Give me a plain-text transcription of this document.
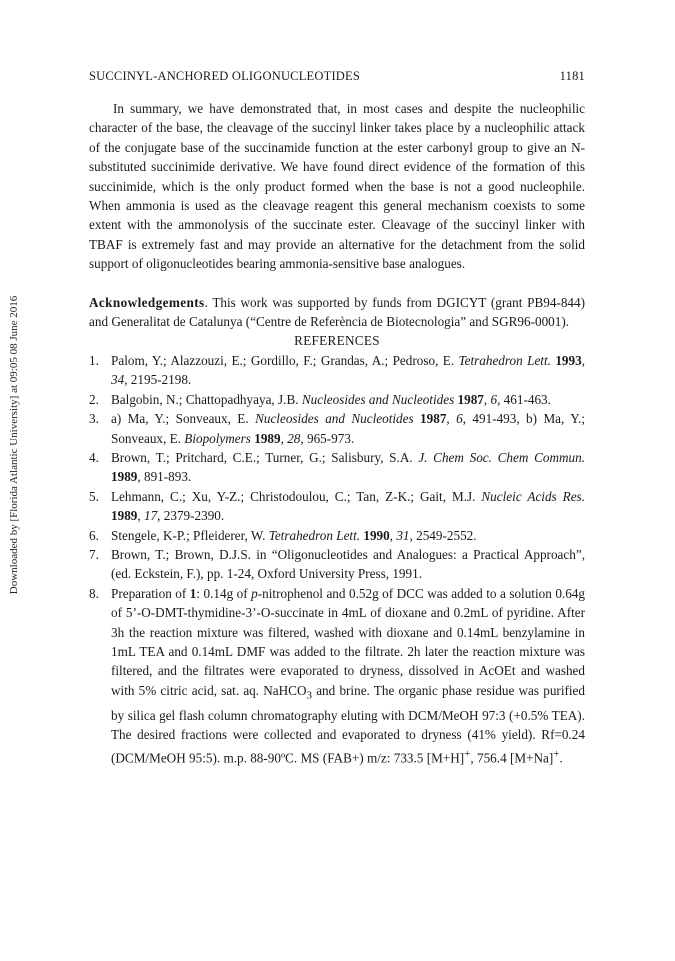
Downloaded by [Florida Atlantic University] at 09:05 08 June 2016
SUCCINYL-ANCHORED OLIGONUCLEOTIDES	1181

In summary, we have demonstrated that, in most cases and despite the nucleophilic character of the base, the cleavage of the succinyl linker takes place by a nucleophilic attack of the conjugate base of the succinamide function at the ester carbonyl group to give an N-substituted succinimide derivative. We have found direct evidence of the formation of this succinimide, which is the only product formed when the base is not a good nucleophile. When ammonia is used as the cleavage reagent this general mechanism coexists to some extent with the ammonolysis of the succinate ester. Cleavage of the succinyl linker with TBAF is extremely fast and may provide an alternative for the detachment from the solid support of oligonucleotides bearing ammonia-sensitive base analogues.

Acknowledgements. This work was supported by funds from DGICYT (grant PB94-844) and Generalitat de Catalunya (“Centre de Referència de Biotecnologia” and SGR96-0001).

REFERENCES

1. Palom, Y.; Alazzouzi, E.; Gordillo, F.; Grandas, A.; Pedroso, E. Tetrahedron Lett. 1993, 34, 2195-2198.

2. Balgobin, N.; Chattopadhyaya, J.B. Nucleosides and Nucleotides 1987, 6, 461-463.

3. a) Ma, Y.; Sonveaux, E. Nucleosides and Nucleotides 1987, 6, 491-493, b) Ma, Y.; Sonveaux, E. Biopolymers 1989, 28, 965-973.

4. Brown, T.; Pritchard, C.E.; Turner, G.; Salisbury, S.A. J. Chem Soc. Chem Commun. 1989, 891-893.

5. Lehmann, C.; Xu, Y-Z.; Christodoulou, C.; Tan, Z-K.; Gait, M.J. Nucleic Acids Res. 1989, 17, 2379-2390.

6. Stengele, K-P.; Pfleiderer, W. Tetrahedron Lett. 1990, 31, 2549-2552.

7. Brown, T.; Brown, D.J.S. in “Oligonucleotides and Analogues: a Practical Approach”, (ed. Eckstein, F.), pp. 1-24, Oxford University Press, 1991.

8. Preparation of 1: 0.14g of p-nitrophenol and 0.52g of DCC was added to a solution 0.64g of 5’-O-DMT-thymidine-3’-O-succinate in 4mL of dioxane and 0.2mL of pyridine. After 3h the reaction mixture was filtered, washed with dioxane and 0.14mL benzylamine in 1mL TEA and 0.14mL DMF was added to the filtrate. 2h later the reaction mixture was filtered, and the filtrates were evaporated to dryness, dissolved in AcOEt and washed with 5% citric acid, sat. aq. NaHCO$_3$ and brine. The organic phase residue was purified by silica gel flash column chromatography eluting with DCM/MeOH 97:3 (+0.5% TEA). The desired fractions were collected and evaporated to dryness (41% yield). Rf=0.24 (DCM/MeOH 95:5). m.p. 88-90ºC. MS (FAB+) m/z: 733.5 [M+H]+, 756.4 [M+Na]+.
